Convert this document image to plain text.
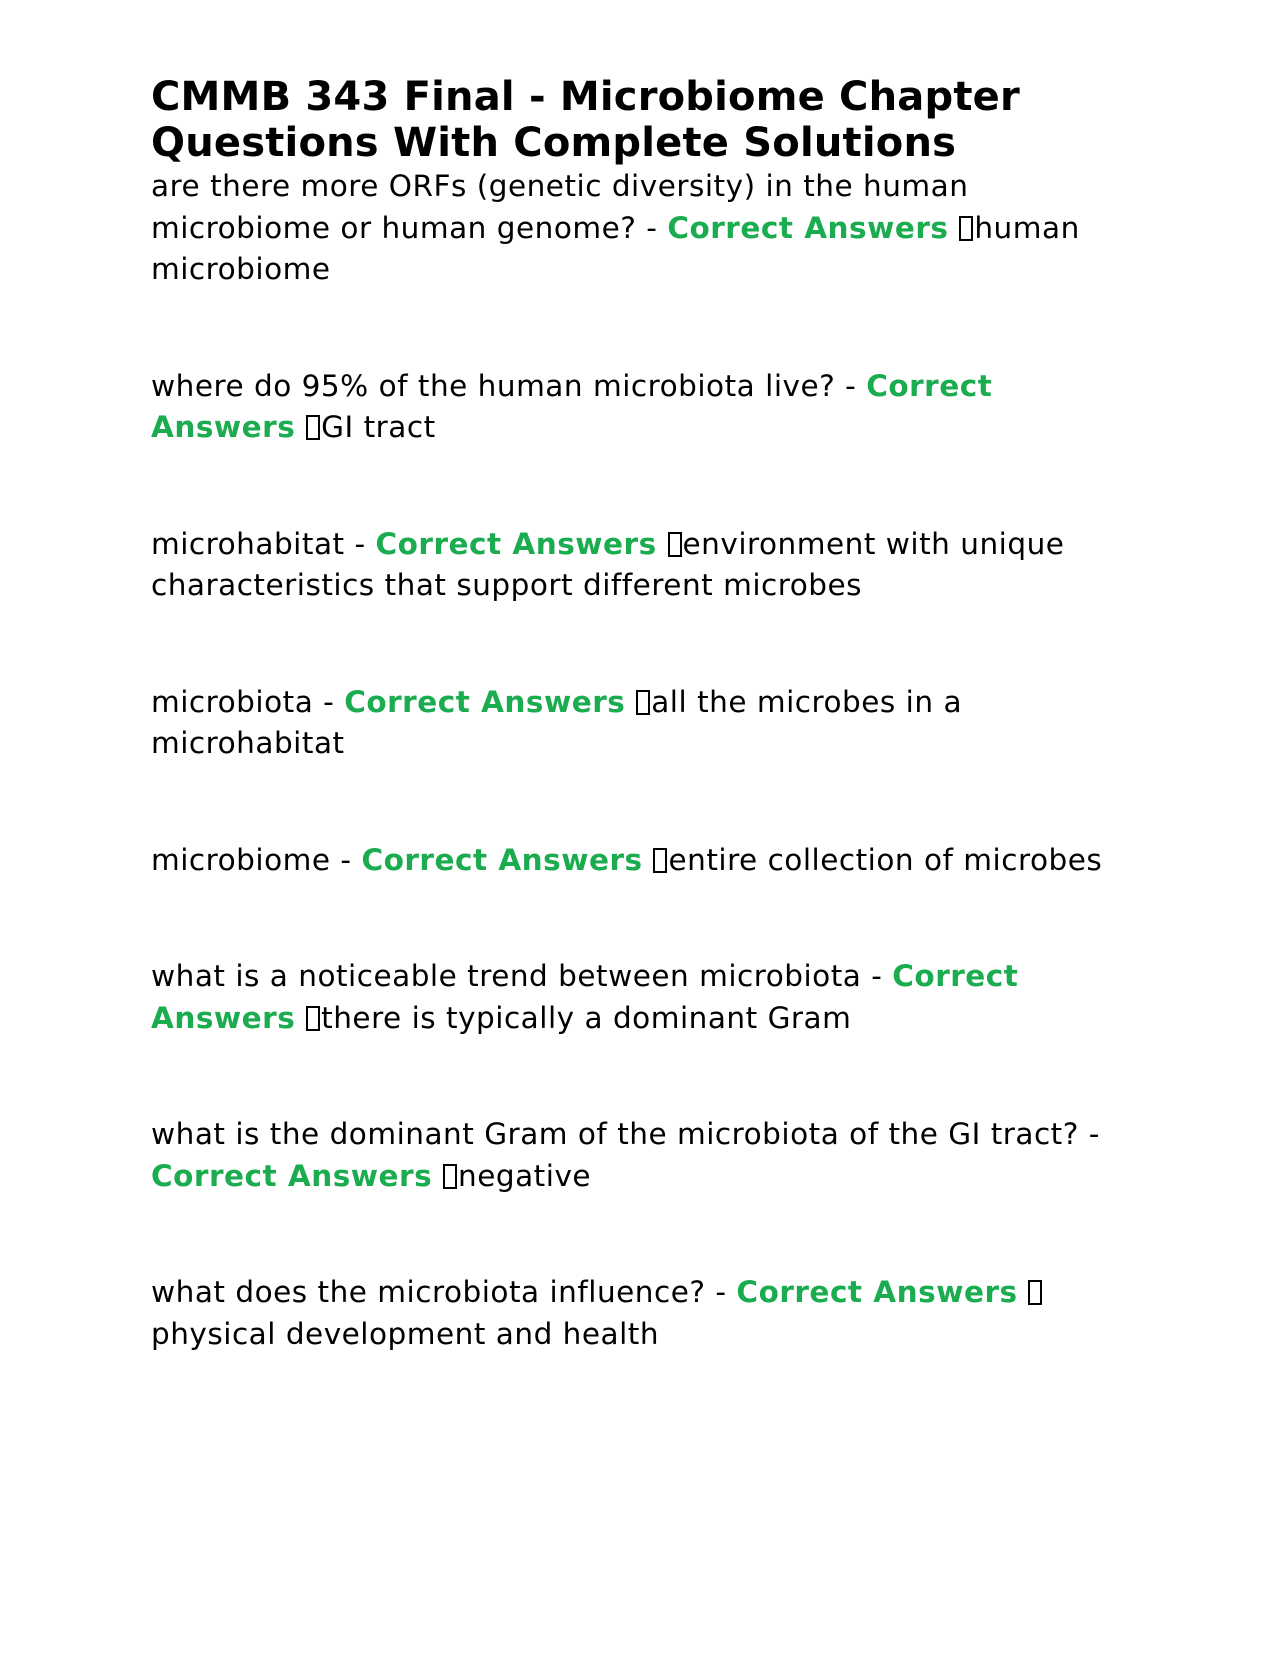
CMMB 343 Final - Microbiome Chapter Questions With Complete Solutions

are there more ORFs (genetic diversity) in the human microbiome or human genome? - Correct Answers human microbiome

where do 95% of the human microbiota live? - Correct Answers GI tract

microhabitat - Correct Answers environment with unique characteristics that support different microbes

microbiota - Correct Answers all the microbes in a microhabitat

microbiome - Correct Answers entire collection of microbes

what is a noticeable trend between microbiota - Correct Answers there is typically a dominant Gram

what is the dominant Gram of the microbiota of the GI tract? - Correct Answers negative

what does the microbiota influence? - Correct Answers physical development and health
